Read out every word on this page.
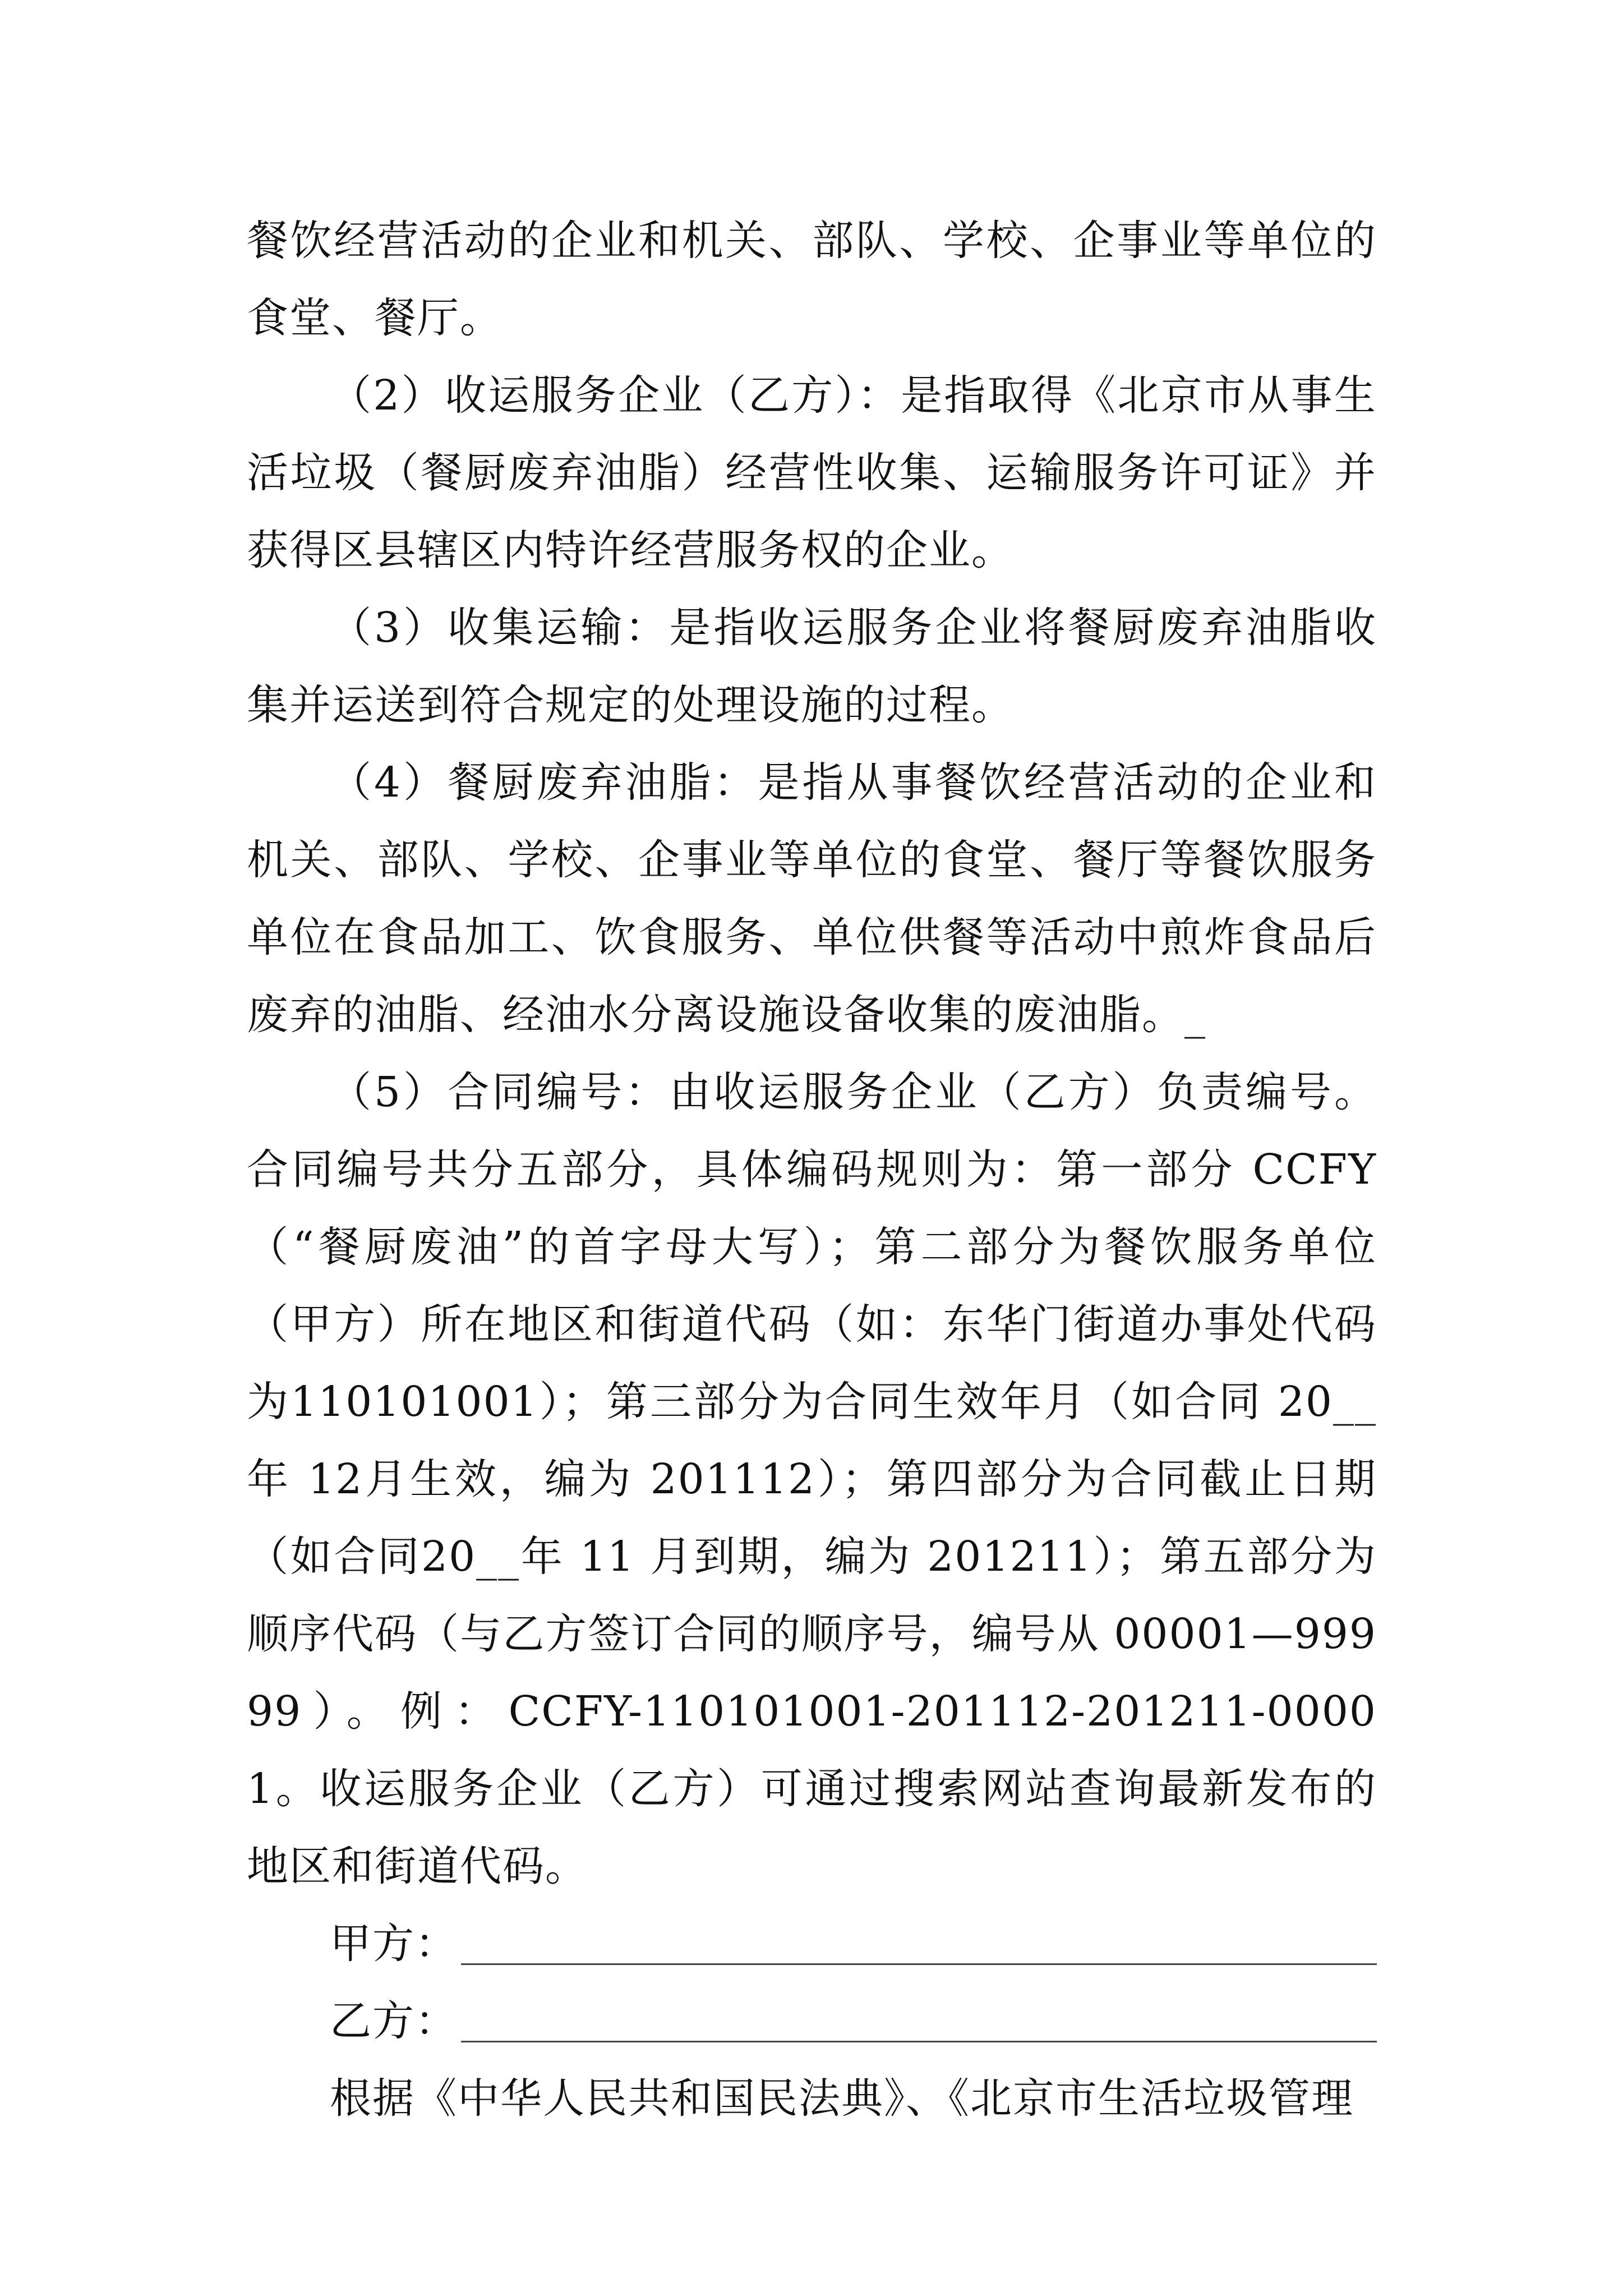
餐饮经营活动的企业和机关、部队、学校、企事业等单位的食堂、餐厅。

（2）收运服务企业（乙方）：是指取得《北京市从事生活垃圾（餐厨废弃油脂）经营性收集、运输服务许可证》并获得区县辖区内特许经营服务权的企业。

（3）收集运输：是指收运服务企业将餐厨废弃油脂收集并运送到符合规定的处理设施的过程。

（4）餐厨废弃油脂：是指从事餐饮经营活动的企业和机关、部队、学校、企事业等单位的食堂、餐厅等餐饮服务单位在食品加工、饮食服务、单位供餐等活动中煎炸食品后废弃的油脂、经油水分离设施设备收集的废油脂。_

（5）合同编号：由收运服务企业（乙方）负责编号。合同编号共分五部分，具体编码规则为：第一部分 CCFY（“餐厨废油”的首字母大写）；第二部分为餐饮服务单位（甲方）所在地区和街道代码（如：东华门街道办事处代码为110101001）；第三部分为合同生效年月（如合同 20__年 12月生效，编为 201112）；第四部分为合同截止日期（如合同20__年 11 月到期，编为 201211）；第五部分为顺序代码（与乙方签订合同的顺序号，编号从 00001—99999）。例：CCFY-110101001-201112-201211-00001。收运服务企业（乙方）可通过搜索网站查询最新发布的地区和街道代码。

甲方：
乙方：

根据《中华人民共和国民法典》、《北京市生活垃圾管理
